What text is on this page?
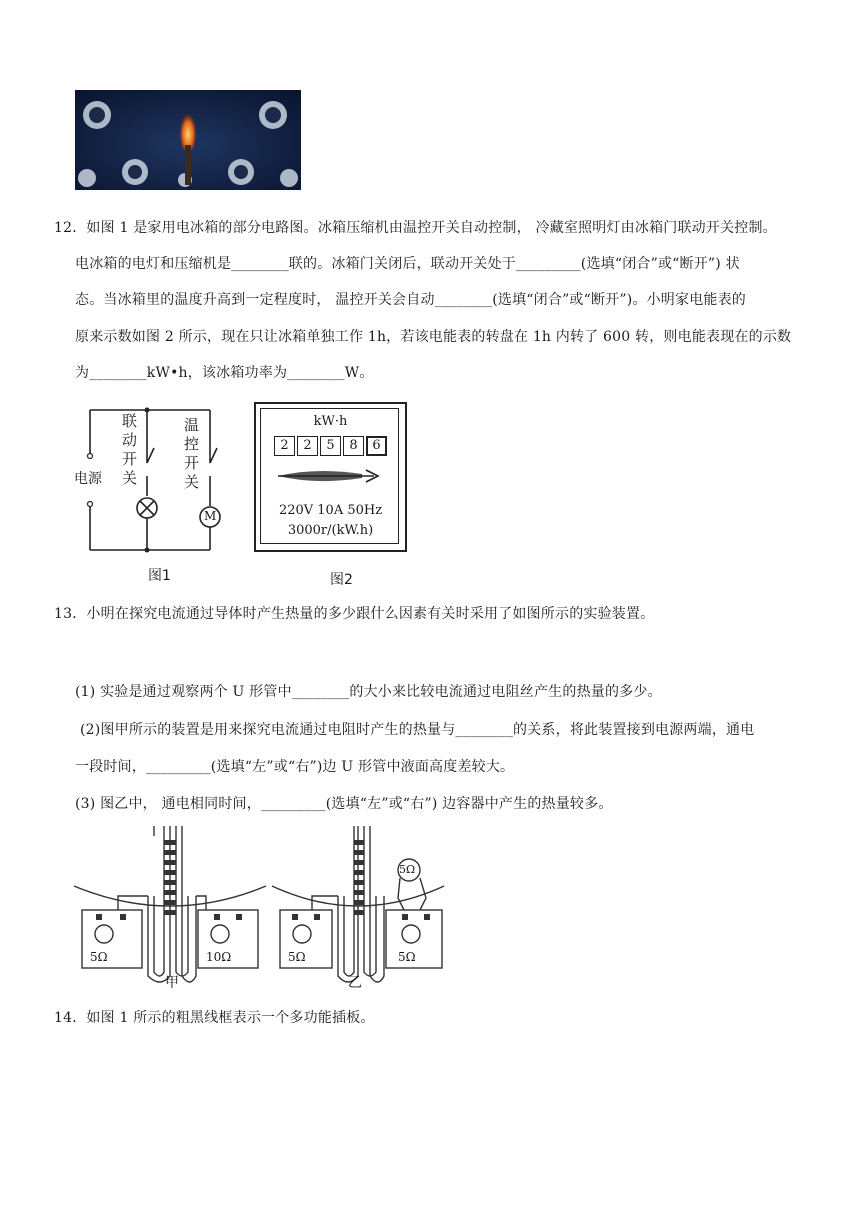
12．如图 1 是家用电冰箱的部分电路图。冰箱压缩机由温控开关自动控制， 冷藏室照明灯由冰箱门联动开关控制。
电冰箱的电灯和压缩机是________联的。冰箱门关闭后，联动开关处于_________(选填“闭合”或“断开”) 状
态。当冰箱里的温度升高到一定程度时， 温控开关会自动________(选填“闭合”或“断开”)。小明家电能表的
原来示数如图 2 所示，现在只让冰箱单独工作 1h，若该电能表的转盘在 1h 内转了 600 转，则电能表现在的示数
为________kW•h，该冰箱功率为________W。
电源
联动开关
温控开关
M
图1
kW·h
2	2	5	8	6
220V 10A 50Hz
3000r/(kW.h)
图2
13．小明在探究电流通过导体时产生热量的多少跟什么因素有关时采用了如图所示的实验装置。
(1) 实验是通过观察两个 U 形管中________的大小来比较电流通过电阻丝产生的热量的多少。
(2)图甲所示的装置是用来探究电流通过电阻时产生的热量与________的关系，将此装置接到电源两端，通电
一段时间，_________(选填“左”或“右”)边 U 形管中液面高度差较大。
(3) 图乙中， 通电相同时间，_________(选填“左”或“右”) 边容器中产生的热量较多。
5Ω	10Ω
甲
5Ω
5Ω	5Ω
乙
14．如图 1 所示的粗黑线框表示一个多功能插板。
